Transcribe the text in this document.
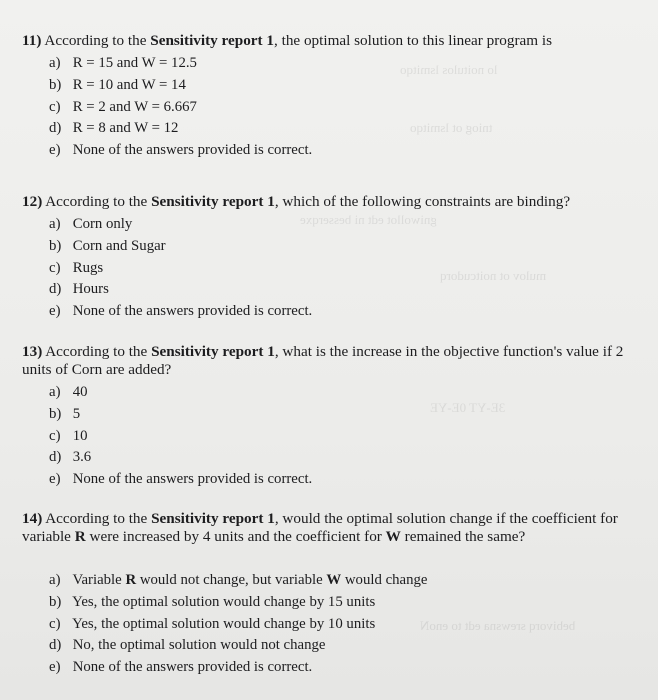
lo noitulos lsmitqo
tniog ot lsmitqo
gniwollot edt ni besserqxe
mulov ot noitcudorq
3E-YT 0E-YE
bebivorq srewsna edt to enoN

11) According to the Sensitivity report 1, the optimal solution to this linear program is

a) R = 15 and W = 12.5
b) R = 10 and W = 14
c) R = 2 and W = 6.667
d) R = 8 and W = 12
e) None of the answers provided is correct.

12) According to the Sensitivity report 1, which of the following constraints are binding?

a) Corn only
b) Corn and Sugar
c) Rugs
d) Hours
e) None of the answers provided is correct.

13) According to the Sensitivity report 1, what is the increase in the objective function's value if 2 units of Corn are added?

a) 40
b) 5
c) 10
d) 3.6
e) None of the answers provided is correct.

14) According to the Sensitivity report 1, would the optimal solution change if the coefficient for variable R were increased by 4 units and the coefficient for W remained the same?

a) Variable R would not change, but variable W would change
b) Yes, the optimal solution would change by 15 units
c) Yes, the optimal solution would change by 10 units
d) No, the optimal solution would not change
e) None of the answers provided is correct.
